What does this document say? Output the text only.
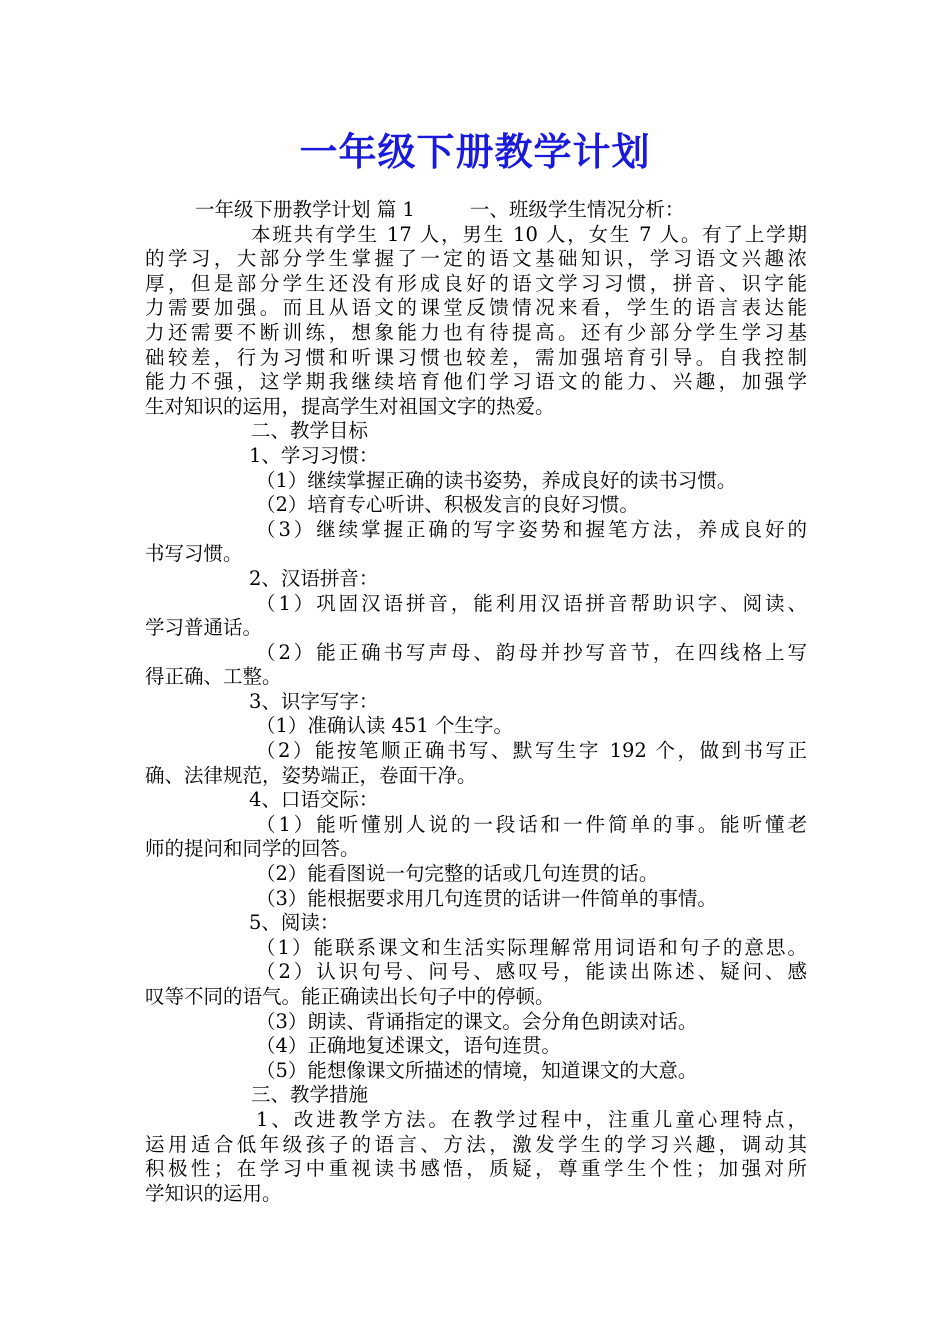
一年级下册教学计划
一年级下册教学计划 篇 1	一、班级学生情况分析：
本班共有学生 17 人，男生 10 人，女生 7 人。有了上学期
的学习，大部分学生掌握了一定的语文基础知识，学习语文兴趣浓
厚，但是部分学生还没有形成良好的语文学习习惯，拼音、识字能
力需要加强。而且从语文的课堂反馈情况来看，学生的语言表达能
力还需要不断训练，想象能力也有待提高。还有少部分学生学习基
础较差，行为习惯和听课习惯也较差，需加强培育引导。自我控制
能力不强，这学期我继续培育他们学习语文的能力、兴趣，加强学
生对知识的运用，提高学生对祖国文字的热爱。
二、教学目标
1、学习习惯：
（1）继续掌握正确的读书姿势，养成良好的读书习惯。
（2）培育专心听讲、积极发言的良好习惯。
（3）继续掌握正确的写字姿势和握笔方法，养成良好的
书写习惯。
2、汉语拼音：
（1）巩固汉语拼音，能利用汉语拼音帮助识字、阅读、
学习普通话。
（2）能正确书写声母、韵母并抄写音节，在四线格上写
得正确、工整。
3、识字写字：
（1）准确认读 451 个生字。
（2）能按笔顺正确书写、默写生字 192 个，做到书写正
确、法律规范，姿势端正，卷面干净。
4、口语交际：
（1）能听懂别人说的一段话和一件简单的事。能听懂老
师的提问和同学的回答。
（2）能看图说一句完整的话或几句连贯的话。
（3）能根据要求用几句连贯的话讲一件简单的事情。
5、阅读：
（1）能联系课文和生活实际理解常用词语和句子的意思。
（2）认识句号、问号、感叹号，能读出陈述、疑问、感
叹等不同的语气。能正确读出长句子中的停顿。
（3）朗读、背诵指定的课文。会分角色朗读对话。
（4）正确地复述课文，语句连贯。
（5）能想像课文所描述的情境，知道课文的大意。
三、教学措施
1、改进教学方法。在教学过程中，注重儿童心理特点，
运用适合低年级孩子的语言、方法，激发学生的学习兴趣，调动其
积极性；在学习中重视读书感悟，质疑，尊重学生个性；加强对所
学知识的运用。
